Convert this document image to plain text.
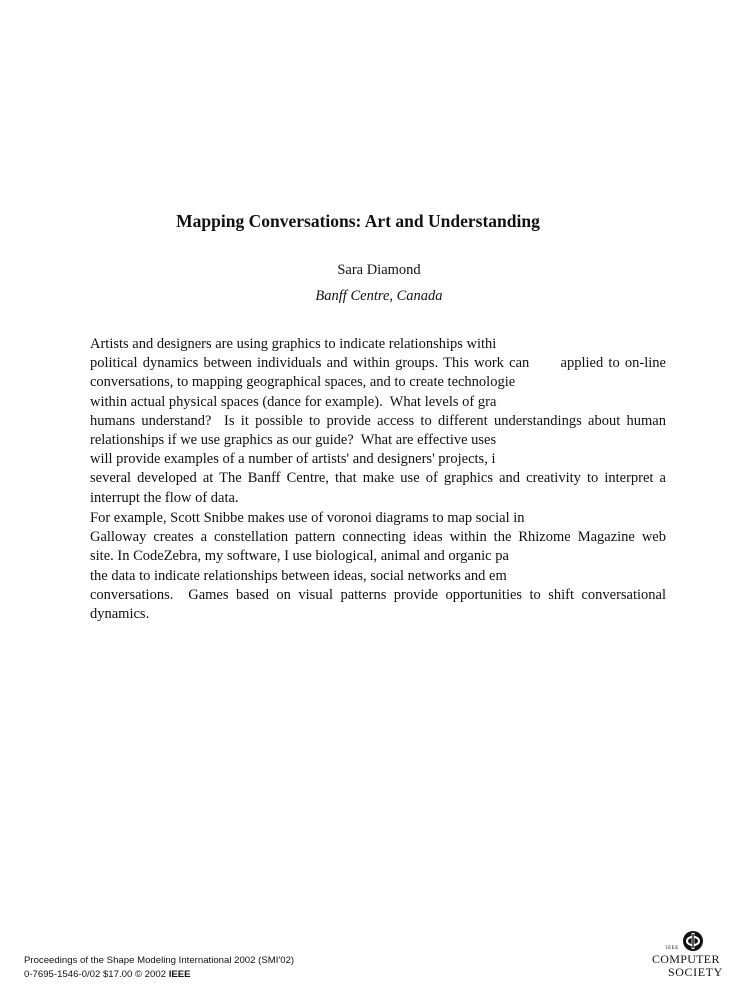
Mapping Conversations: Art and Understanding
Sara Diamond
Banff Centre, Canada
Artists and designers are using graphics to indicate relationships withi
political dynamics between individuals and within groups. This work can      applied to on-line
conversations, to mapping geographical spaces, and to create technologie
within actual physical spaces (dance for example).  What levels of gra
humans understand?  Is it possible to provide access to different understandings about human
relationships if we use graphics as our guide?  What are effective uses
will provide examples of a number of artists' and designers' projects, i
several developed at The Banff Centre, that make use of graphics and creativity to interpret a
interrupt the flow of data.
For example, Scott Snibbe makes use of voronoi diagrams to map social in
Galloway creates a constellation pattern connecting ideas within the Rhizome Magazine web
site. In CodeZebra, my software, I use biological, animal and organic pa
the data to indicate relationships between ideas, social networks and em
conversations.  Games based on visual patterns provide opportunities to shift conversational
dynamics.
Proceedings of the Shape Modeling International 2002 (SMI'02)
0-7695-1546-0/02 $17.00 © 2002 IEEE
IEEE
COMPUTER
SOCIETY
